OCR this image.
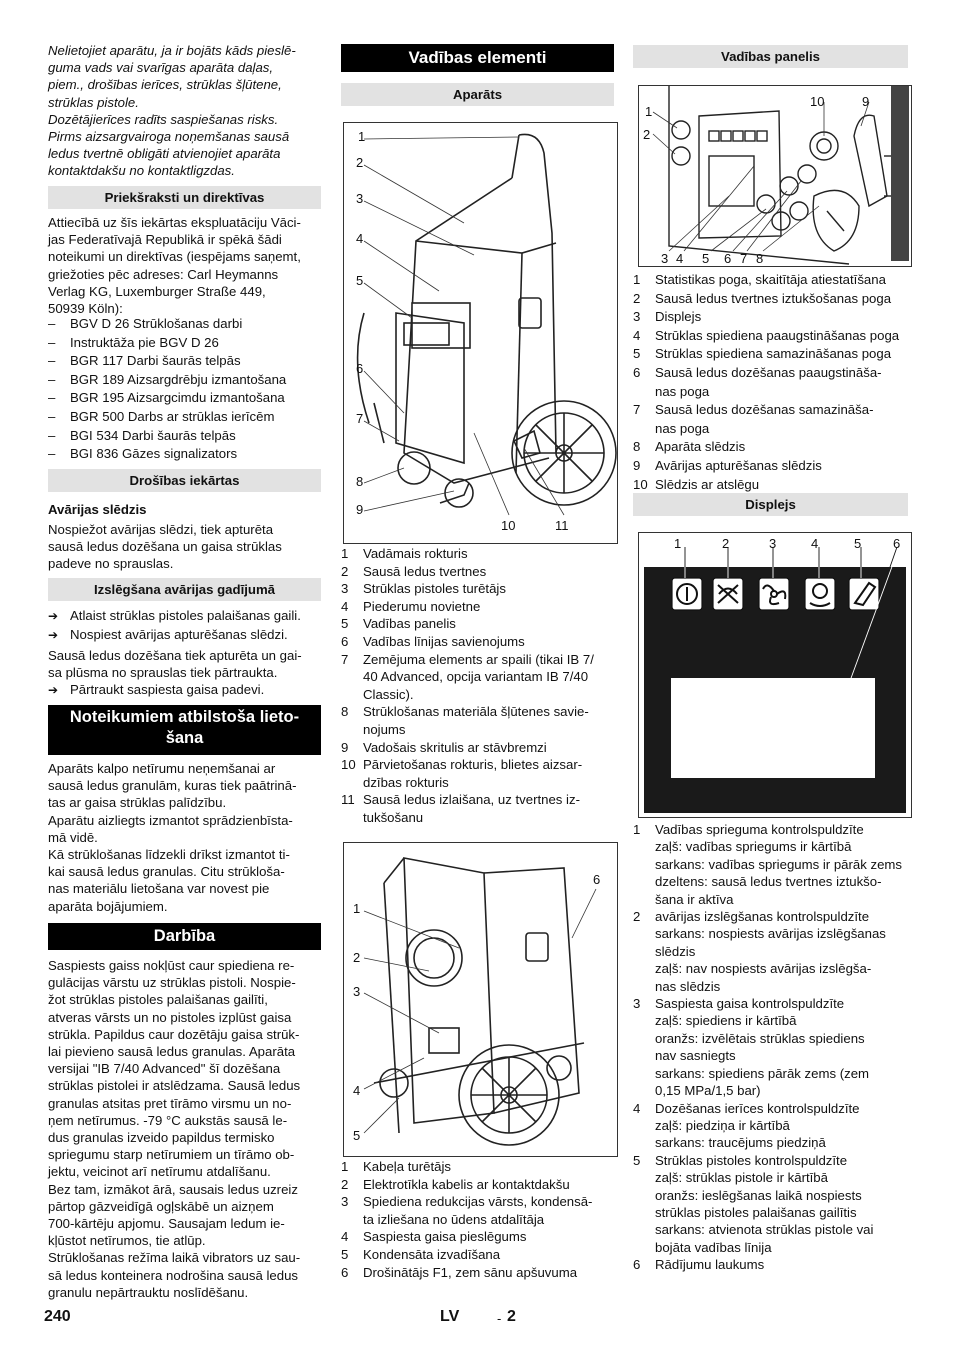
Nelietojiet aparātu, ja ir bojāts kāds pieslē-
guma vads vai svarīgas aparāta daļas,
piem., drošības ierīces, strūklas šļūtene,
strūklas pistole.
Dozētājierīces radīts saspiešanas risks.
Pirms aizsargvairoga noņemšanas sausā
ledus tvertnē obligāti atvienojiet aparāta
kontaktdakšu no kontaktligzdas.
Priekšraksti un direktīvas
Attiecībā uz šīs iekārtas ekspluatāciju Vāci-
jas Federatīvajā Republikā ir spēkā šādi
noteikumi un direktīvas (iespējams saņemt,
griežoties pēc adreses: Carl Heymanns
Verlag KG, Luxemburger Straße 449,
50939 Köln):
– BGV D 26 Strūklošanas darbi
– Instruktāža pie BGV D 26
– BGR 117 Darbi šaurās telpās
– BGR 189 Aizsargdrēbju izmantošana
– BGR 195 Aizsargcimdu izmantošana
– BGR 500 Darbs ar strūklas ierīcēm
– BGI 534 Darbi šaurās telpās
– BGI 836 Gāzes signalizators
Drošības iekārtas
Avārijas slēdzis
Nospiežot avārijas slēdzi, tiek apturēta
sausā ledus dozēšana un gaisa strūklas
padeve no sprauslas.
Izslēgšana avārijas gadījumā
➔ Atlaist strūklas pistoles palaišanas gaili.
➔ Nospiest avārijas apturēšanas slēdzi.
Sausā ledus dozēšana tiek apturēta un gai-
sa plūsma no sprauslas tiek pārtraukta.
➔ Pārtraukt saspiesta gaisa padevi.
Noteikumiem atbilstoša lieto-
šana
Aparāts kalpo netīrumu neņemšanai ar
sausā ledus granulām, kuras tiek paātrinā-
tas ar gaisa strūklas palīdzību.
Aparātu aizliegts izmantot sprādzienbīsta-
mā vidē.
Kā strūklošanas līdzekli drīkst izmantot ti-
kai sausā ledus granulas. Citu strūkloša-
nas materiālu lietošana var novest pie
aparāta bojājumiem.
Darbība
Saspiests gaiss nokļūst caur spiediena re-
gulācijas vārstu uz strūklas pistoli. Nospie-
žot strūklas pistoles palaišanas gailīti,
atveras vārsts un no pistoles izplūst gaisa
strūkla. Papildus caur dozētāju gaisa strūk-
lai pievieno sausā ledus granulas. Aparāta
versijai "IB 7/40 Advanced" šī dozēšana
strūklas pistolei ir atslēdzama. Sausā ledus
granulas atsitas pret tīrāmo virsmu un no-
ņem netīrumus. -79 °C aukstās sausā le-
dus granulas izveido papildus termisko
spriegumu starp netīrumiem un tīrāmo ob-
jektu, veicinot arī netīrumu atdalīšanu.
Bez tam, izmākot ārā, sausais ledus uzreiz
pārtop gāzveidīgā ogļskābē un aizņem
700-kārtēju apjomu. Sausajam ledum ie-
kļūstot netīrumos, tie atlūp.
Strūklošanas režīma laikā vibrators uz sau-
sā ledus konteinera nodrošina sausā ledus
granulu nepārtrauktu noslīdēšanu.
Vadības elementi
Aparāts
1
2
3
4
5
6
7
8
9
10	11
1	Vadāmais rokturis
2	Sausā ledus tvertnes
3	Strūklas pistoles turētājs
4	Piederumu novietne
5	Vadības panelis
6	Vadības līnijas savienojums
7	Zemējuma elements ar spaili (tikai IB 7/
40 Advanced, opcija variantam IB 7/40
Classic).
8	Strūklošanas materiāla šļūtenes savie-
nojums
9	Vadošais skritulis ar stāvbremzi
10 Pārvietošanas rokturis, blietes aizsar-
dzības rokturis
11 Sausā ledus izlaišana, uz tvertnes iz-
tukšošanu
1
2
3
4
5
6
1	Kabeļa turētājs
2	Elektrotīkla kabelis ar kontaktdakšu
3	Spiediena redukcijas vārsts, kondensā-
ta izliešana no ūdens atdalītāja
4	Saspiesta gaisa pieslēgums
5	Kondensāta izvadīšana
6	Drošinātājs F1, zem sānu apšuvuma
Vadības panelis
1
2
10	9
3 4 5 6 7 8
1	Statistikas poga, skaitītāja atiestatīšana
2	Sausā ledus tvertnes iztukšošanas poga
3	Displejs
4	Strūklas spiediena paaugstināšanas poga
5	Strūklas spiediena samazināšanas poga
6	Sausā ledus dozēšanas paaugstināša-
nas poga
7	Sausā ledus dozēšanas samazināša-
nas poga
8	Aparāta slēdzis
9	Avārijas apturēšanas slēdzis
10 Slēdzis ar atslēgu
Displejs
1	2	3	4	5 6
1	Vadības sprieguma kontrolspuldzīte
zaļš: vadības spriegums ir kārtībā
sarkans: vadības spriegums ir pārāk zems
dzeltens: sausā ledus tvertnes iztukšo-
šana ir aktīva
2	avārijas izslēgšanas kontrolspuldzīte
sarkans: nospiests avārijas izslēgšanas
slēdzis
zaļš: nav nospiests avārijas izslēgša-
nas slēdzis
3	Saspiesta gaisa kontrolspuldzīte
zaļš: spiediens ir kārtībā
oranžs: izvēlētais strūklas spiediens
nav sasniegts
sarkans: spiediens pārāk zems (zem
0,15 MPa/1,5 bar)
4	Dozēšanas ierīces kontrolspuldzīte
zaļš: piedziņa ir kārtībā
sarkans: traucējums piedziņā
5	Strūklas pistoles kontrolspuldzīte
zaļš: strūklas pistole ir kārtībā
oranžs: ieslēgšanas laikā nospiests
strūklas pistoles palaišanas gailītis
sarkans: atvienota strūklas pistole vai
bojāta vadības līnija
6	Rādījumu laukums
240	LV	- 2
